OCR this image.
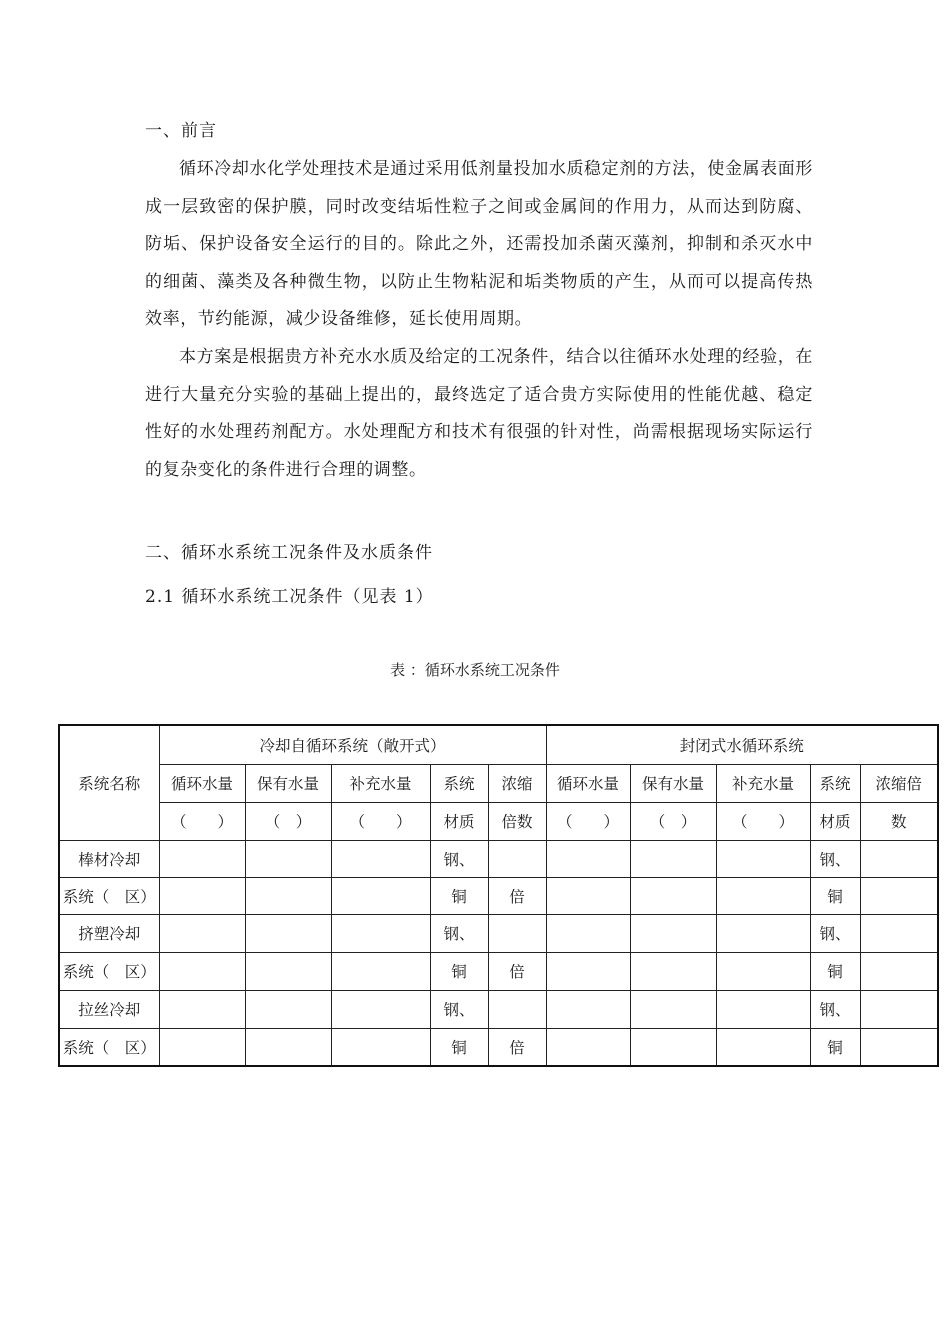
一、前言
循环冷却水化学处理技术是通过采用低剂量投加水质稳定剂的方法，使金属表面形成一层致密的保护膜，同时改变结垢性粒子之间或金属间的作用力，从而达到防腐、防垢、保护设备安全运行的目的。除此之外，还需投加杀菌灭藻剂，抑制和杀灭水中的细菌、藻类及各种微生物，以防止生物粘泥和垢类物质的产生，从而可以提高传热效率，节约能源，减少设备维修，延长使用周期。
本方案是根据贵方补充水水质及给定的工况条件，结合以往循环水处理的经验，在进行大量充分实验的基础上提出的，最终选定了适合贵方实际使用的性能优越、稳定性好的水处理药剂配方。水处理配方和技术有很强的针对性，尚需根据现场实际运行的复杂变化的条件进行合理的调整。
二、循环水系统工况条件及水质条件
2.1 循环水系统工况条件（见表 1）
表 ：循环水系统工况条件
系统名称	冷却自循环系统（敞开式）					封闭式水循环系统				
	循环水量	保有水量	补充水量	系统	浓缩	循环水量	保有水量	补充水量	系统	浓缩倍
	（　　）	（　）	（　　）	材质	倍数	（　　）	（　）	（　　）	材质	数
棒材冷却				钢、					钢、	
系统（　区）				铜	倍				铜	
挤塑冷却				钢、					钢、	
系统（　区）				铜	倍				铜	
拉丝冷却				钢、					钢、	
系统（　区）				铜	倍				铜	
